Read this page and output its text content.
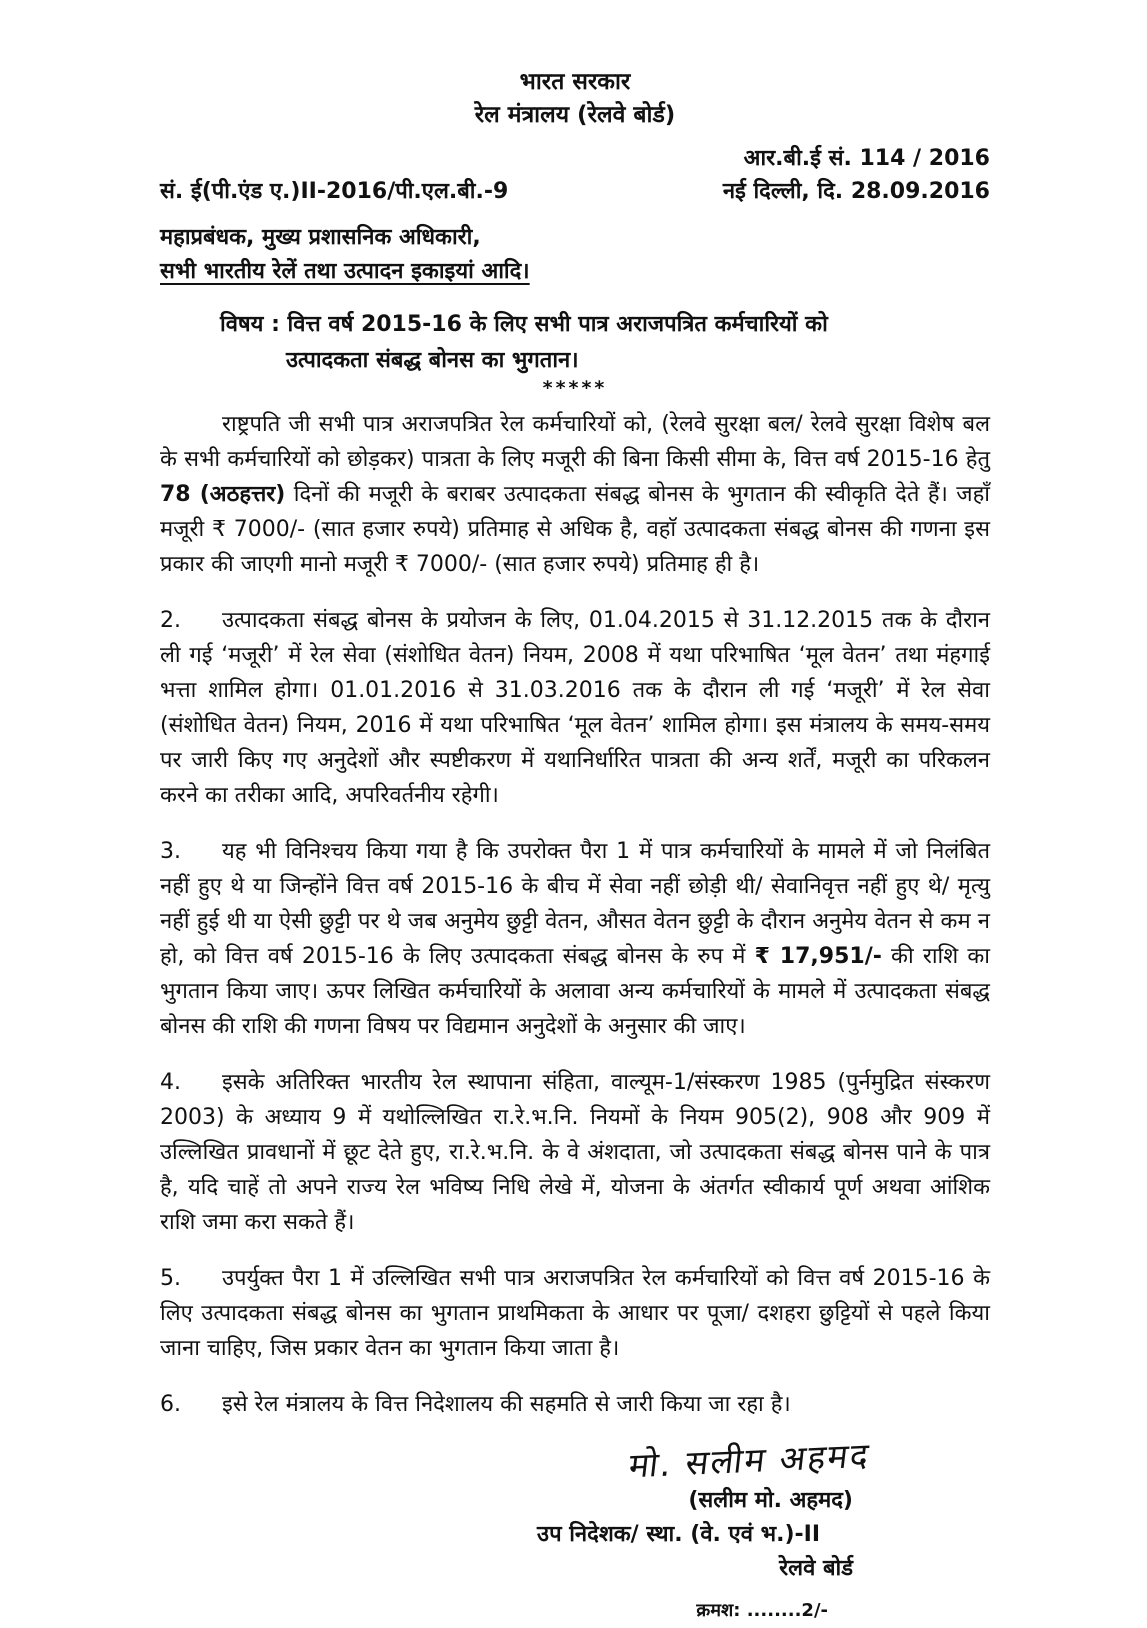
भारत सरकार
रेल मंत्रालय (रेलवे बोर्ड)
आर.बी.ई सं. 114 / 2016
सं. ई(पी.एंड ए.)II-2016/पी.एल.बी.-9	नई दिल्ली, दि. 28.09.2016
महाप्रबंधक, मुख्य प्रशासनिक अधिकारी,
सभी भारतीय रेलें तथा उत्पादन इकाइयां आदि।
विषय : वित्त वर्ष 2015-16 के लिए सभी पात्र अराजपत्रित कर्मचारियों को
उत्पादकता संबद्ध बोनस का भुगतान।
*****

राष्ट्रपति जी सभी पात्र अराजपत्रित रेल कर्मचारियों को, (रेलवे सुरक्षा बल/ रेलवे सुरक्षा विशेष बल के सभी कर्मचारियों को छोड़कर) पात्रता के लिए मजूरी की बिना किसी सीमा के, वित्त वर्ष 2015-16 हेतु 78 (अठहत्तर) दिनों की मजूरी के बराबर उत्पादकता संबद्ध बोनस के भुगतान की स्वीकृति देते हैं। जहाँ मजूरी ₹ 7000/- (सात हजार रुपये) प्रतिमाह से अधिक है, वहाॅ उत्पादकता संबद्ध बोनस की गणना इस प्रकार की जाएगी मानो मजूरी ₹ 7000/- (सात हजार रुपये) प्रतिमाह ही है।

2. उत्पादकता संबद्ध बोनस के प्रयोजन के लिए, 01.04.2015 से 31.12.2015 तक के दौरान ली गई ‘मजूरी’ में रेल सेवा (संशोधित वेतन) नियम, 2008 में यथा परिभाषित ‘मूल वेतन’ तथा मंहगाई भत्ता शामिल होगा। 01.01.2016 से 31.03.2016 तक के दौरान ली गई ‘मजूरी’ में रेल सेवा (संशोधित वेतन) नियम, 2016 में यथा परिभाषित ‘मूल वेतन’ शामिल होगा। इस मंत्रालय के समय-समय पर जारी किए गए अनुदेशों और स्पष्टीकरण में यथानिर्धारित पात्रता की अन्य शर्तें, मजूरी का परिकलन करने का तरीका आदि, अपरिवर्तनीय रहेगी।

3. यह भी विनिश्चय किया गया है कि उपरोक्त पैरा 1 में पात्र कर्मचारियों के मामले में जो निलंबित नहीं हुए थे या जिन्होंने वित्त वर्ष 2015-16 के बीच में सेवा नहीं छोड़ी थी/ सेवानिवृत्त नहीं हुए थे/ मृत्यु नहीं हुई थी या ऐसी छुट्टी पर थे जब अनुमेय छुट्टी वेतन, औसत वेतन छुट्टी के दौरान अनुमेय वेतन से कम न हो, को वित्त वर्ष 2015-16 के लिए उत्पादकता संबद्ध बोनस के रुप में ₹ 17,951/- की राशि का भुगतान किया जाए। ऊपर लिखित कर्मचारियों के अलावा अन्य कर्मचारियों के मामले में उत्पादकता संबद्ध बोनस की राशि की गणना विषय पर विद्यमान अनुदेशों के अनुसार की जाए।

4. इसके अतिरिक्त भारतीय रेल स्थापाना संहिता, वाल्यूम-1/संस्करण 1985 (पुर्नमुद्रित संस्करण 2003) के अध्याय 9 में यथोल्लिखित रा.रे.भ.नि. नियमों के नियम 905(2), 908 और 909 में उल्लिखित प्रावधानों में छूट देते हुए, रा.रे.भ.नि. के वे अंशदाता, जो उत्पादकता संबद्ध बोनस पाने के पात्र है, यदि चाहें तो अपने राज्य रेल भविष्य निधि लेखे में, योजना के अंतर्गत स्वीकार्य पूर्ण अथवा आंशिक राशि जमा करा सकते हैं।

5. उपर्युक्त पैरा 1 में उल्लिखित सभी पात्र अराजपत्रित रेल कर्मचारियों को वित्त वर्ष 2015-16 के लिए उत्पादकता संबद्ध बोनस का भुगतान प्राथमिकता के आधार पर पूजा/ दशहरा छुट्टियों से पहले किया जाना चाहिए, जिस प्रकार वेतन का भुगतान किया जाता है।

6. इसे रेल मंत्रालय के वित्त निदेशालय की सहमति से जारी किया जा रहा है।

मो. सलीम अहमद
(सलीम मो. अहमद)
उप निदेशक/ स्था. (वे. एवं भ.)-II
रेलवे बोर्ड
क्रमश: ........2/-
